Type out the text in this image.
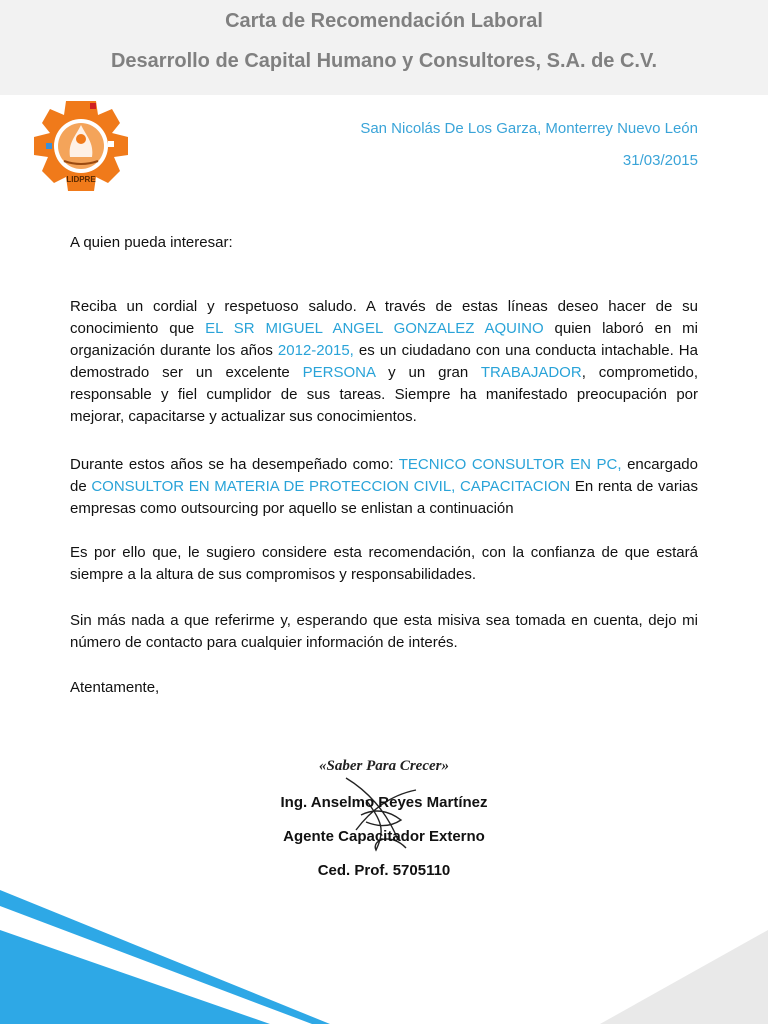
Carta de Recomendación Laboral
Desarrollo de Capital Humano y Consultores, S.A. de C.V.
LIDPRE
San Nicolás De Los Garza, Monterrey Nuevo León
31/03/2015
A quien pueda interesar:
Reciba un cordial y respetuoso saludo. A través de estas líneas deseo hacer de su conocimiento que EL SR MIGUEL ANGEL GONZALEZ AQUINO quien laboró en mi organización durante los años 2012-2015, es un ciudadano con una conducta intachable. Ha demostrado ser un excelente PERSONA y un gran TRABAJADOR, comprometido, responsable y fiel cumplidor de sus tareas. Siempre ha manifestado preocupación por mejorar, capacitarse y actualizar sus conocimientos.
Durante estos años se ha desempeñado como: TECNICO CONSULTOR EN PC, encargado de CONSULTOR EN MATERIA DE PROTECCION CIVIL, CAPACITACION En renta de varias empresas como outsourcing por aquello se enlistan a continuación
Es por ello que, le sugiero considere esta recomendación, con la confianza de que estará siempre a la altura de sus compromisos y responsabilidades.
Sin más nada a que referirme y, esperando que esta misiva sea tomada en cuenta, dejo mi número de contacto para cualquier información de interés.
Atentamente,
«Saber Para Crecer»
Ing. Anselmo Reyes Martínez
Agente Capacitador Externo
Ced. Prof. 5705110
